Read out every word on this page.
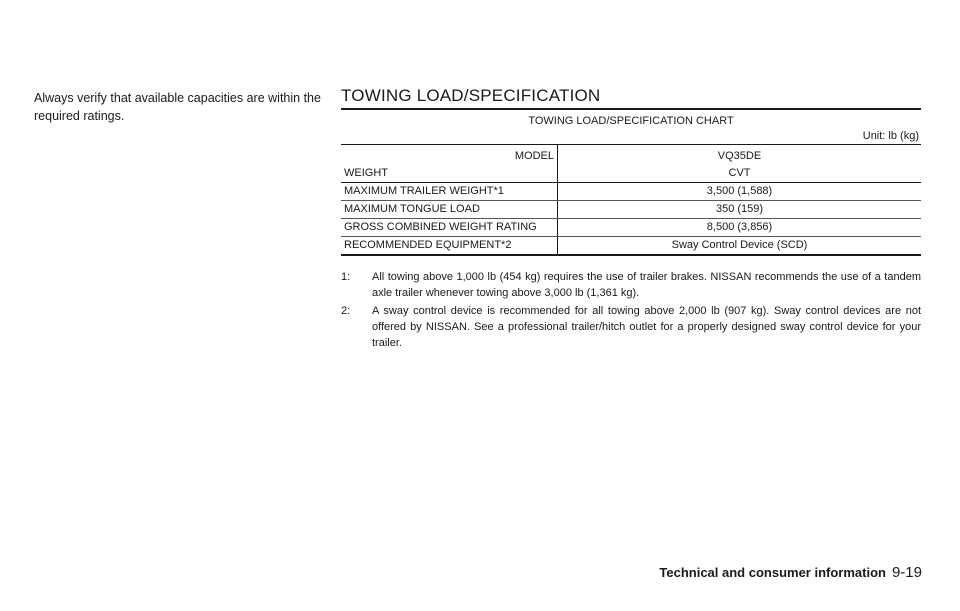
Always verify that available capacities are within the required ratings.

TOWING LOAD/SPECIFICATION
TOWING LOAD/SPECIFICATION CHART
Unit: lb (kg)
MODEL	VQ35DE
WEIGHT	CVT
MAXIMUM TRAILER WEIGHT*1	3,500 (1,588)
MAXIMUM TONGUE LOAD	350 (159)
GROSS COMBINED WEIGHT RATING	8,500 (3,856)
RECOMMENDED EQUIPMENT*2	Sway Control Device (SCD)
1:	All towing above 1,000 lb (454 kg) requires the use of trailer brakes. NISSAN recommends the use of a tandem axle trailer whenever towing above 3,000 lb (1,361 kg).
2:	A sway control device is recommended for all towing above 2,000 lb (907 kg). Sway control devices are not offered by NISSAN. See a professional trailer/hitch outlet for a properly designed sway control device for your trailer.
Technical and consumer information 9-19
